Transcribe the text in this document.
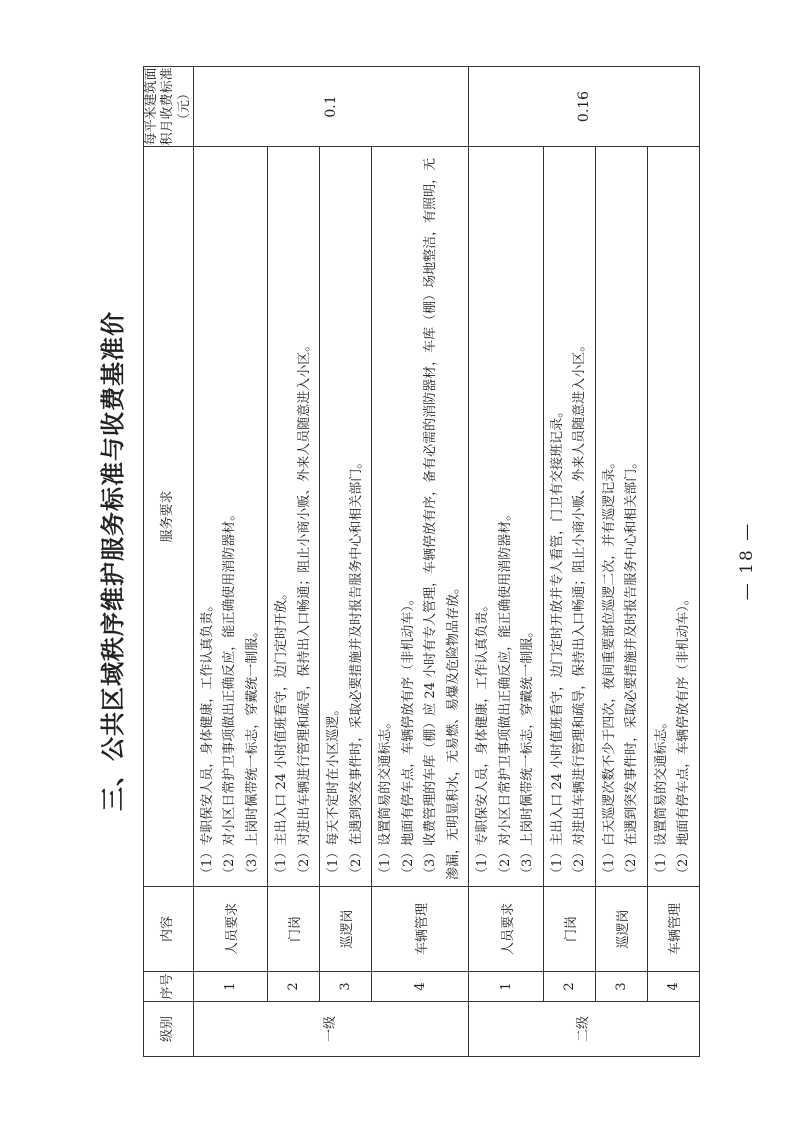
三、公共区域秩序维护服务标准与收费基准价
级别	序号	内容	服务要求	每平米建筑面积月收费标准（元）
一级	1	人员要求	（1）专职保安人员，身体健康，工作认真负责。 （2）对小区日常护卫事项做出正确反应，能正确使用消防器材。 （3）上岗时佩带统一标志，穿戴统一制服。	0.1
	2	门岗	（1）主出入口 24 小时值班看守，边门定时开放。 （2）对进出车辆进行管理和疏导，保持出入口畅通；阻止小商小贩、外来人员随意进入小区。	

	3	巡逻岗	（1）每天不定时在小区巡逻。 （2）在遇到突发事件时，采取必要措施并及时报告服务中心和相关部门。	

	4	车辆管理	（1）设置简易的交通标志。 （2）地面有停车点，车辆停放有序（非机动车）。 （3）收费管理的车库（棚）应 24 小时有专人管理，车辆停放有序，备有必需的消防器材，车库（棚）场地整洁，有照明，无渗漏，无明显积水，无易燃、易爆及危险物品存放。	

二级	1	人员要求	（1）专职保安人员，身体健康，工作认真负责。 （2）对小区日常护卫事项做出正确反应，能正确使用消防器材。 （3）上岗时佩带统一标志，穿戴统一制服。	0.16
	2	门岗	（1）主出入口 24 小时值班看守，边门定时开放并专人看管，门卫有交接班记录。 （2）对进出车辆进行管理和疏导，保持出入口畅通；阻止小商小贩、外来人员随意进入小区。	

	3	巡逻岗	（1）白天巡逻次数不少于四次，夜间重要部位巡逻二次，并有巡逻记录。 （2）在遇到突发事件时，采取必要措施并及时报告服务中心和相关部门。	

	4	车辆管理	（1）设置简易的交通标志。 （2）地面有停车点，车辆停放有序（非机动车）。	
— 18 —
